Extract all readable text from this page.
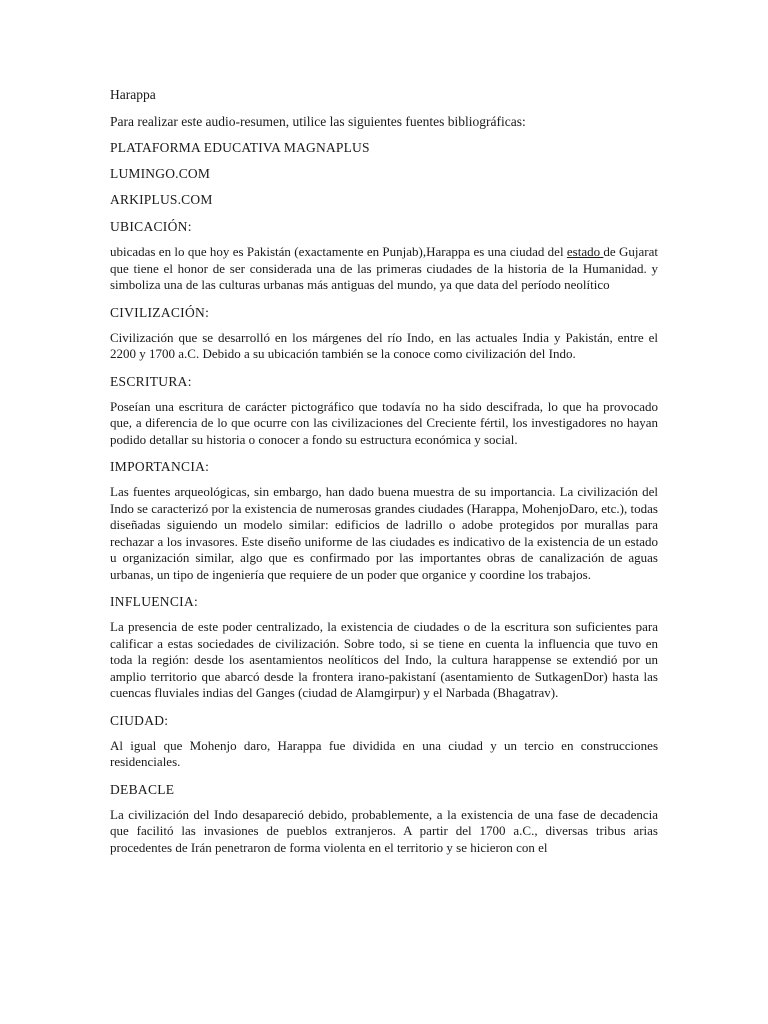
Harappa
Para realizar este audio-resumen, utilice las siguientes fuentes bibliográficas:
PLATAFORMA EDUCATIVA MAGNAPLUS
LUMINGO.COM
ARKIPLUS.COM
UBICACIÓN:

ubicadas en lo que hoy es Pakistán (exactamente en Punjab),Harappa es una ciudad del estado de Gujarat que tiene el honor de ser considerada una de las primeras ciudades de la historia de la Humanidad. y simboliza una de las culturas urbanas más antiguas del mundo, ya que data del período neolítico

CIVILIZACIÓN:

Civilización que se desarrolló en los márgenes del río Indo, en las actuales India y Pakistán, entre el 2200 y 1700 a.C. Debido a su ubicación también se la conoce como civilización del Indo.

ESCRITURA:

Poseían una escritura de carácter pictográfico que todavía no ha sido descifrada, lo que ha provocado que, a diferencia de lo que ocurre con las civilizaciones del Creciente fértil, los investigadores no hayan podido detallar su historia o conocer a fondo su estructura económica y social.

IMPORTANCIA:

Las fuentes arqueológicas, sin embargo, han dado buena muestra de su importancia. La civilización del Indo se caracterizó por la existencia de numerosas grandes ciudades (Harappa, MohenjoDaro, etc.), todas diseñadas siguiendo un modelo similar: edificios de ladrillo o adobe protegidos por murallas para rechazar a los invasores. Este diseño uniforme de las ciudades es indicativo de la existencia de un estado u organización similar, algo que es confirmado por las importantes obras de canalización de aguas urbanas, un tipo de ingeniería que requiere de un poder que organice y coordine los trabajos.

INFLUENCIA:

La presencia de este poder centralizado, la existencia de ciudades o de la escritura son suficientes para calificar a estas sociedades de civilización. Sobre todo, si se tiene en cuenta la influencia que tuvo en toda la región: desde los asentamientos neolíticos del Indo, la cultura harappense se extendió por un amplio territorio que abarcó desde la frontera irano-pakistaní (asentamiento de SutkagenDor) hasta las cuencas fluviales indias del Ganges (ciudad de Alamgirpur) y el Narbada (Bhagatrav).

CIUDAD:

Al igual que Mohenjo daro, Harappa fue dividida en una ciudad y un tercio en construcciones residenciales.

DEBACLE

La civilización del Indo desapareció debido, probablemente, a la existencia de una fase de decadencia que facilitó las invasiones de pueblos extranjeros. A partir del 1700 a.C., diversas tribus arias procedentes de Irán penetraron de forma violenta en el territorio y se hicieron con el
